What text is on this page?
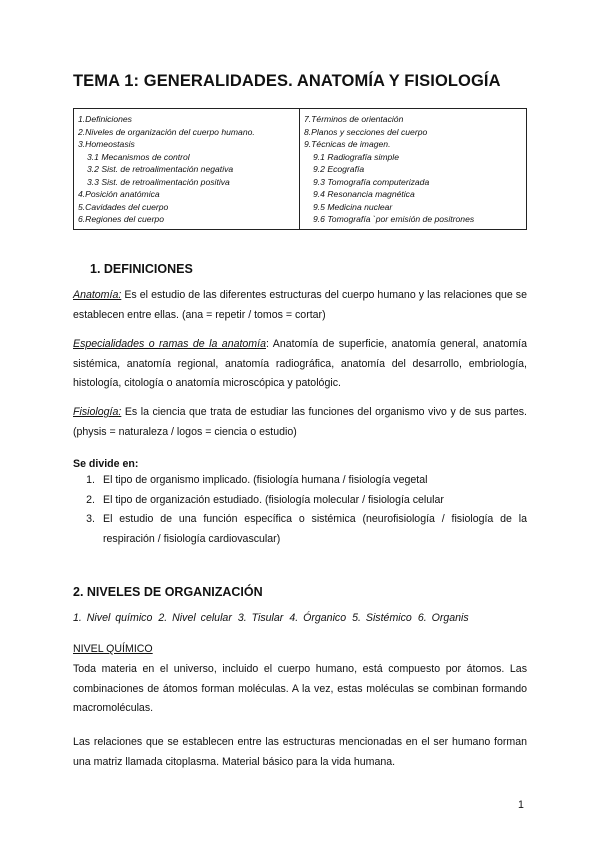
TEMA 1: GENERALIDADES. ANATOMÍA Y FISIOLOGÍA
1.Definiciones
2.Niveles de organización del cuerpo humano.
3.Homeostasis
3.1 Mecanismos de control
3.2 Sist. de retroalimentación negativa
3.3 Sist. de retroalimentación positiva
4.Posición anatómica
5.Cavidades del cuerpo
6.Regiones del cuerpo
7.Términos de orientación
8.Planos y secciones del cuerpo
9.Técnicas de imagen.
9.1 Radiografía simple
9.2 Ecografía
9.3 Tomografía computerizada
9.4 Resonancia magnética
9.5 Medicina nuclear
9.6 Tomografía `por emisión de positrones
1. DEFINICIONES

Anatomía: Es el estudio de las diferentes estructuras del cuerpo humano y las relaciones que se establecen entre ellas. (ana = repetir / tomos = cortar)

Especialidades o ramas de la anatomía: Anatomía de superficie, anatomía general, anatomía sistémica, anatomía regional, anatomía radiográfica, anatomía del desarrollo, embriología, histología, citología o anatomía microscópica y patológic.

Fisiología: Es la ciencia que trata de estudiar las funciones del organismo vivo y de sus partes. (physis = naturaleza / logos = ciencia o estudio)

Se divide en:

1. El tipo de organismo implicado. (fisiología humana / fisiología vegetal
2. El tipo de organización estudiado. (fisiología molecular / fisiología celular
3. El estudio de una función específica o sistémica (neurofisiología / fisiología de la respiración / fisiología cardiovascular)
2. NIVELES DE ORGANIZACIÓN
1. Nivel químico 2. Nivel celular 3. Tisular 4. Órganico 5. Sistémico 6. Organis
NIVEL QUÍMICO

Toda materia en el universo, incluido el cuerpo humano, está compuesto por átomos. Las combinaciones de átomos forman moléculas. A la vez, estas moléculas se combinan formando macromoléculas.

Las relaciones que se establecen entre las estructuras mencionadas en el ser humano forman una matriz llamada citoplasma. Material básico para la vida humana.

1
